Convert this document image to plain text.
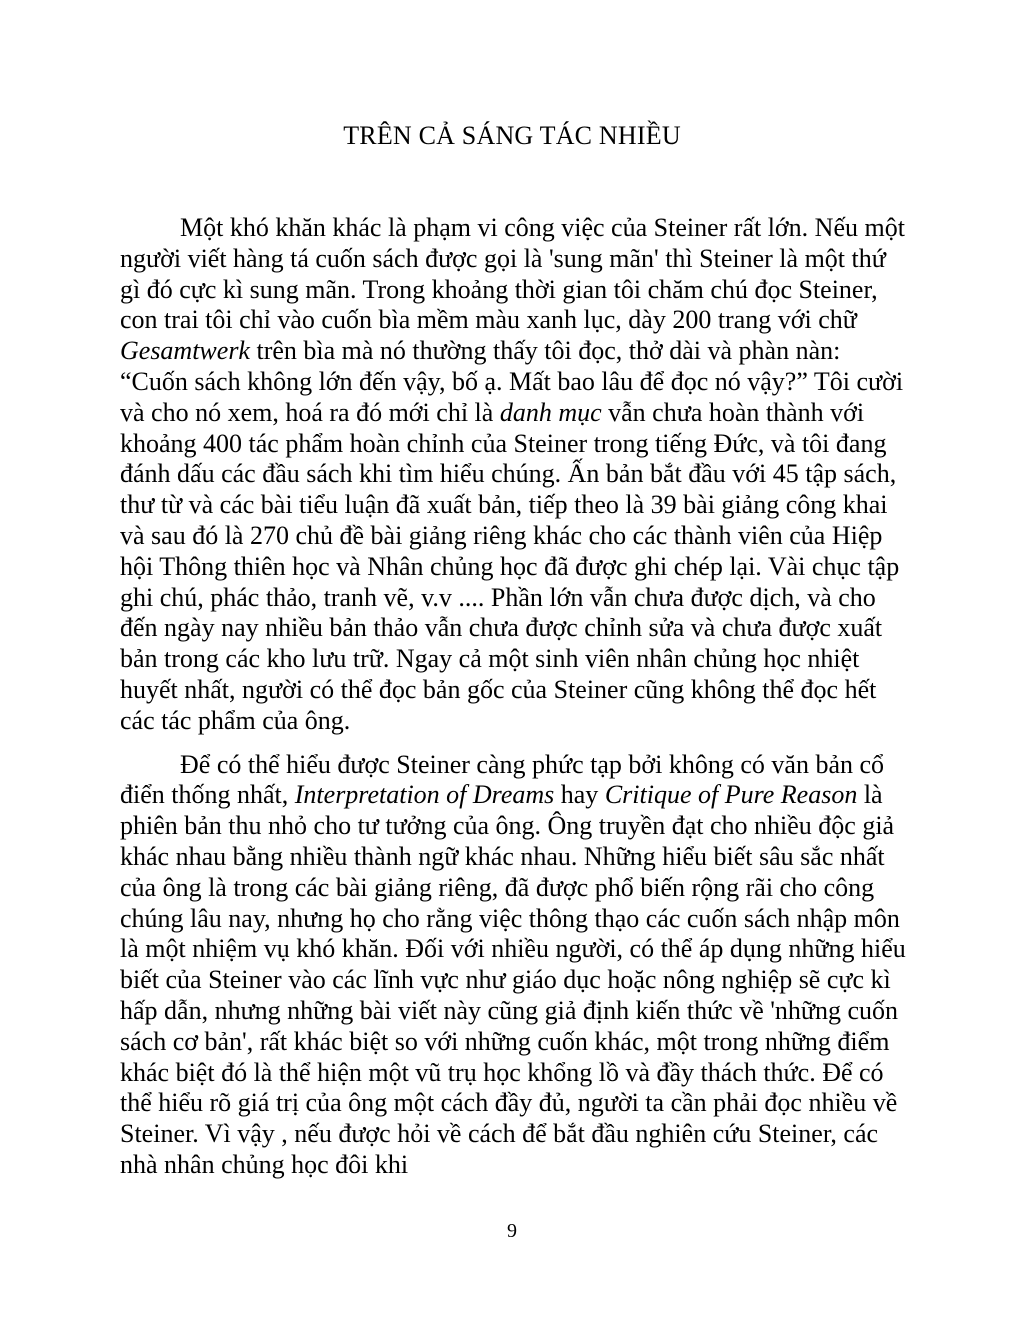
TRÊN CẢ SÁNG TÁC NHIỀU

Một khó khăn khác là phạm vi công việc của Steiner rất lớn. Nếu một người viết hàng tá cuốn sách được gọi là 'sung mãn' thì Steiner là một thứ gì đó cực kì sung mãn. Trong khoảng thời gian tôi chăm chú đọc Steiner, con trai tôi chỉ vào cuốn bìa mềm màu xanh lục, dày 200 trang với chữ Gesamtwerk trên bìa mà nó thường thấy tôi đọc, thở dài và phàn nàn: “Cuốn sách không lớn đến vậy, bố ạ. Mất bao lâu để đọc nó vậy?” Tôi cười và cho nó xem, hoá ra đó mới chỉ là danh mục vẫn chưa hoàn thành với khoảng 400 tác phẩm hoàn chỉnh của Steiner trong tiếng Đức, và tôi đang đánh dấu các đầu sách khi tìm hiểu chúng. Ấn bản bắt đầu với 45 tập sách, thư từ và các bài tiểu luận đã xuất bản, tiếp theo là 39 bài giảng công khai và sau đó là 270 chủ đề bài giảng riêng khác cho các thành viên của Hiệp hội Thông thiên học và Nhân chủng học đã được ghi chép lại. Vài chục tập ghi chú, phác thảo, tranh vẽ, v.v .... Phần lớn vẫn chưa được dịch, và cho đến ngày nay nhiều bản thảo vẫn chưa được chỉnh sửa và chưa được xuất bản trong các kho lưu trữ. Ngay cả một sinh viên nhân chủng học nhiệt huyết nhất, người có thể đọc bản gốc của Steiner cũng không thể đọc hết các tác phẩm của ông.

Để có thể hiểu được Steiner càng phức tạp bởi không có văn bản cổ điển thống nhất, Interpretation of Dreams hay Critique of Pure Reason là phiên bản thu nhỏ cho tư tưởng của ông. Ông truyền đạt cho nhiều độc giả khác nhau bằng nhiều thành ngữ khác nhau. Những hiểu biết sâu sắc nhất của ông là trong các bài giảng riêng, đã được phổ biến rộng rãi cho công chúng lâu nay, nhưng họ cho rằng việc thông thạo các cuốn sách nhập môn là một nhiệm vụ khó khăn. Đối với nhiều người, có thể áp dụng những hiểu biết của Steiner vào các lĩnh vực như giáo dục hoặc nông nghiệp sẽ cực kì hấp dẫn, nhưng những bài viết này cũng giả định kiến thức về 'những cuốn sách cơ bản', rất khác biệt so với những cuốn khác, một trong những điểm khác biệt đó là thể hiện một vũ trụ học khổng lồ và đầy thách thức. Để có thể hiểu rõ giá trị của ông một cách đầy đủ, người ta cần phải đọc nhiều về Steiner. Vì vậy , nếu được hỏi về cách để bắt đầu nghiên cứu Steiner, các nhà nhân chủng học đôi khi

9
